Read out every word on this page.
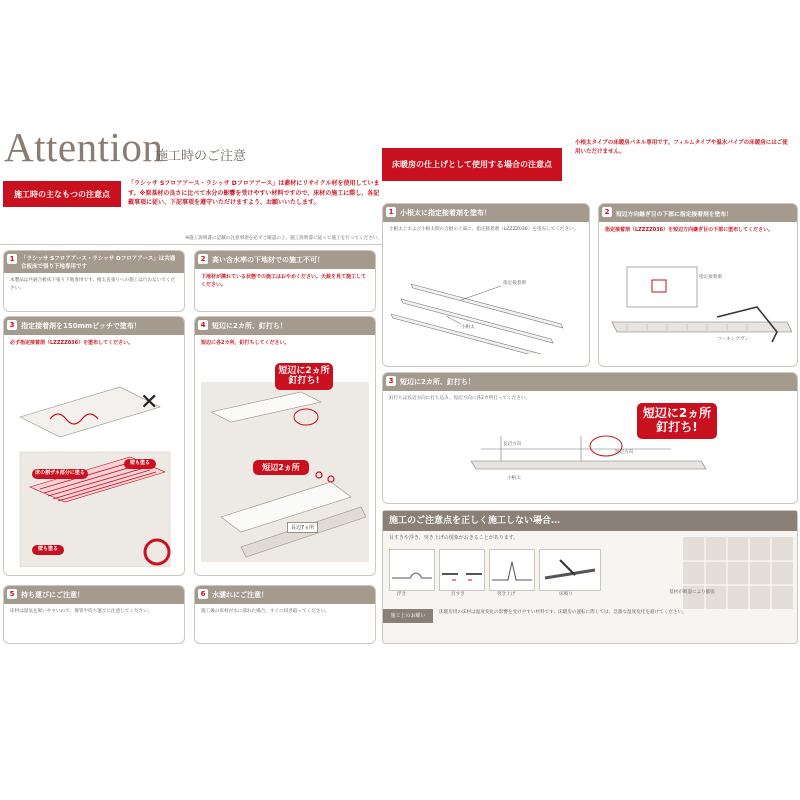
Attention
施工時のご注意
施工時の主なもつの注意点
「ラシッサ Sフロアアース・ラシッサ Dフロアアース」は素材にリサイクル材を使用しています。※原基材の良さに比べて水分の影響を受けやすい材料ですので、床材の施工に際し、各記載事項に従い、下記事項を遵守いただけますよう、お願いいたします。
※施工説明書に記載の注意事項を必ずご確認の上、施工説明書に従って施工を行ってください。
床暖房の仕上げとして使用する場合の注意点
小根太タイプの床暖房パネル専用です。フィルムタイプや温水パイプの床暖房にはご使用いただけません。
1	「ラシッサ Sフロアアース・ラシッサ Dフロアアース」は共通合板床で張り下地専用です
本製品は共通合板床下張り下地専用です。根太直張りへの施工は行わないでください。
2 高い含水率の下地材での施工不可！
下地材が濡れている状態での施工はおやめください。天候を見て施工してください。
3 指定接着剤を150mmピッチで塗布！
必ず指定接着剤（LZZZZ036）を塗布してください。
✕
床の割ザネ部分に塗る
壁も塗る
壁も塗る
4 短辺に2カ所、釘打ち！
短辺に各2カ所、釘打ちしてください。
短辺に2ヵ所
釘打ち!
短辺2ヵ所
長辺7ヵ所
5 持ち運びにご注意！
床材は湿気を吸いやすいので、保管や持ち運びに注意してください。
6 水濡れにご注意！
施工後の床材が水に濡れた場合、すぐに拭き取ってください。
1 小根太に指定接着剤を塗布！
小根太上および小根太間の合板の上部に、指定接着剤（LZZZZ036）を塗布してください。
指定接着剤
小根太
2	短辺方向継ぎ目の下部に指定接着剤を塗布！
指定接着剤（LZZZZ036）を短辺方向継ぎ目の下部に塗布してください。
指定接着剤
コーキングガン
3 短辺に2カ所、釘打ち！
釘打ちは長辺方向に打ち込み、短辺方向に各2カ所打ってください。
長辺方向
短辺方向
小根太
短辺に2ヵ所
釘打ち!
施工のご注意点を正しく施工しない場合…
目すきや浮き、突き上げの現象がおきることがあります。
浮き	目すき	突き上げ	床鳴り	基材が吸湿により膨張
施工上のお願い
床暖房用の床材は温度変化の影響を受けやすい材料です。床暖房の運転に際しては、急激な温度変化を避けてください。
